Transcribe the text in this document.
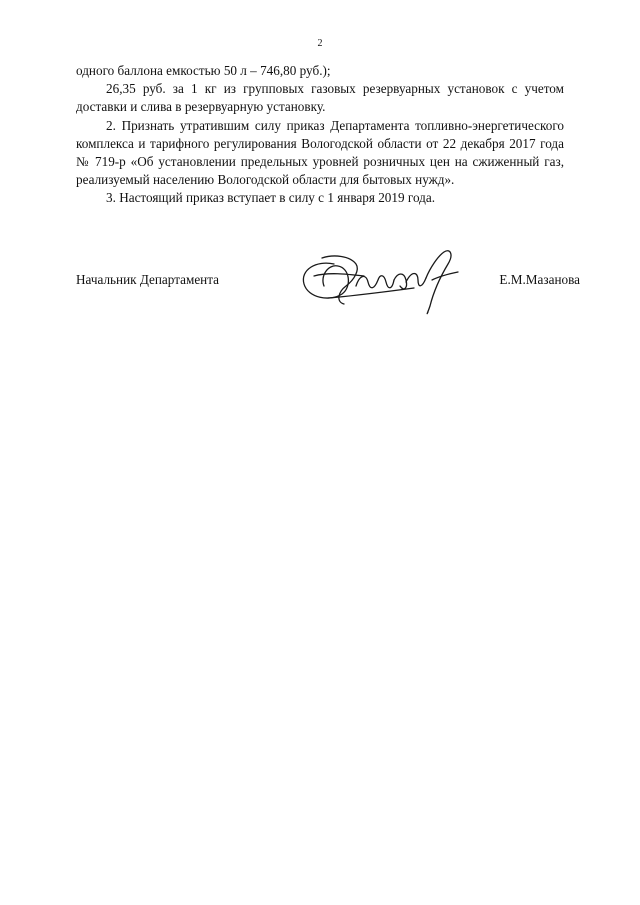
2

одного баллона емкостью 50 л – 746,80 руб.);

26,35 руб. за 1 кг из групповых газовых резервуарных установок с учетом доставки и слива в резервуарную установку.

2. Признать утратившим силу приказ Департамента топливно-энергетического комплекса и тарифного регулирования Вологодской области от 22 декабря 2017 года № 719-р «Об установлении предельных уровней розничных цен на сжиженный газ, реализуемый населению Вологодской области для бытовых нужд».

3. Настоящий приказ вступает в силу с 1 января 2019 года.

Начальник Департамента	Е.М.Мазанова
